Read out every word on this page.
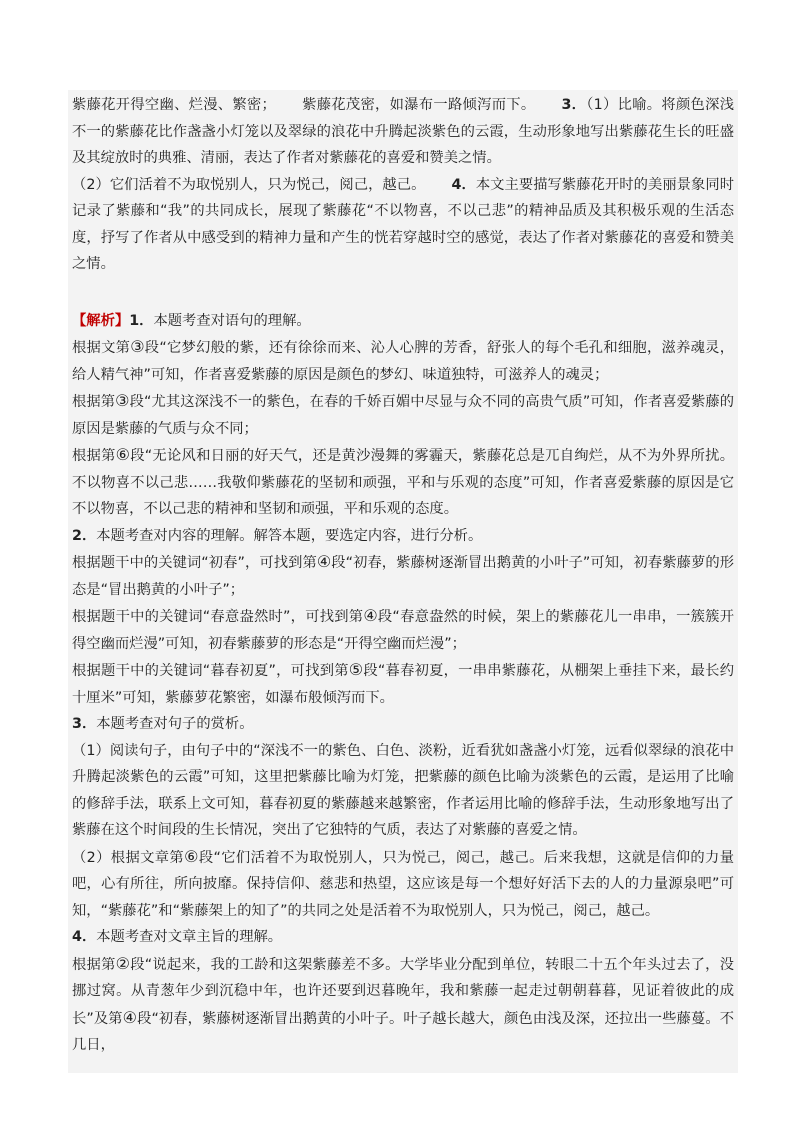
紫藤花开得空幽、烂漫、繁密； 紫藤花茂密，如瀑布一路倾泻而下。 3．（1）比喻。将颜色深浅不一的紫藤花比作盏盏小灯笼以及翠绿的浪花中升腾起淡紫色的云霞，生动形象地写出紫藤花生长的旺盛及其绽放时的典雅、清丽，表达了作者对紫藤花的喜爱和赞美之情。

（2）它们活着不为取悦别人，只为悦己，阅己，越己。 4．本文主要描写紫藤花开时的美丽景象同时记录了紫藤和“我”的共同成长，展现了紫藤花“不以物喜，不以己悲”的精神品质及其积极乐观的生活态度，抒写了作者从中感受到的精神力量和产生的恍若穿越时空的感觉，表达了作者对紫藤花的喜爱和赞美之情。

【解析】1．本题考查对语句的理解。

根据文第③段“它梦幻般的紫，还有徐徐而来、沁人心脾的芳香，舒张人的每个毛孔和细胞，滋养魂灵，给人精气神”可知，作者喜爱紫藤的原因是颜色的梦幻、味道独特，可滋养人的魂灵；

根据第③段“尤其这深浅不一的紫色，在春的千娇百媚中尽显与众不同的高贵气质”可知，作者喜爱紫藤的原因是紫藤的气质与众不同；

根据第⑥段“无论风和日丽的好天气，还是黄沙漫舞的雾霾天，紫藤花总是兀自绚烂，从不为外界所扰。不以物喜不以己悲……我敬仰紫藤花的坚韧和顽强，平和与乐观的态度”可知，作者喜爱紫藤的原因是它不以物喜，不以己悲的精神和坚韧和顽强，平和乐观的态度。

2．本题考查对内容的理解。解答本题，要选定内容，进行分析。

根据题干中的关键词“初春”，可找到第④段“初春，紫藤树逐渐冒出鹅黄的小叶子”可知，初春紫藤萝的形态是“冒出鹅黄的小叶子”；

根据题干中的关键词“春意盎然时”，可找到第④段“春意盎然的时候，架上的紫藤花儿一串串，一簇簇开得空幽而烂漫”可知，初春紫藤萝的形态是“开得空幽而烂漫”；

根据题干中的关键词“暮春初夏”，可找到第⑤段“暮春初夏，一串串紫藤花，从棚架上垂挂下来，最长约十厘米”可知，紫藤萝花繁密，如瀑布般倾泻而下。

3．本题考查对句子的赏析。

（1）阅读句子，由句子中的“深浅不一的紫色、白色、淡粉，近看犹如盏盏小灯笼，远看似翠绿的浪花中升腾起淡紫色的云霞”可知，这里把紫藤比喻为灯笼，把紫藤的颜色比喻为淡紫色的云霞，是运用了比喻的修辞手法，联系上文可知，暮春初夏的紫藤越来越繁密，作者运用比喻的修辞手法，生动形象地写出了紫藤在这个时间段的生长情况，突出了它独特的气质，表达了对紫藤的喜爱之情。

（2）根据文章第⑥段“它们活着不为取悦别人，只为悦己，阅己，越己。后来我想，这就是信仰的力量吧，心有所往，所向披靡。保持信仰、慈悲和热望，这应该是每一个想好好活下去的人的力量源泉吧”可知，“紫藤花”和“紫藤架上的知了”的共同之处是活着不为取悦别人，只为悦己，阅己，越己。

4．本题考查对文章主旨的理解。

根据第②段“说起来，我的工龄和这架紫藤差不多。大学毕业分配到单位，转眼二十五个年头过去了，没挪过窝。从青葱年少到沉稳中年，也许还要到迟暮晚年，我和紫藤一起走过朝朝暮暮，见证着彼此的成长”及第④段“初春，紫藤树逐渐冒出鹅黄的小叶子。叶子越长越大，颜色由浅及深，还拉出一些藤蔓。不几日，
